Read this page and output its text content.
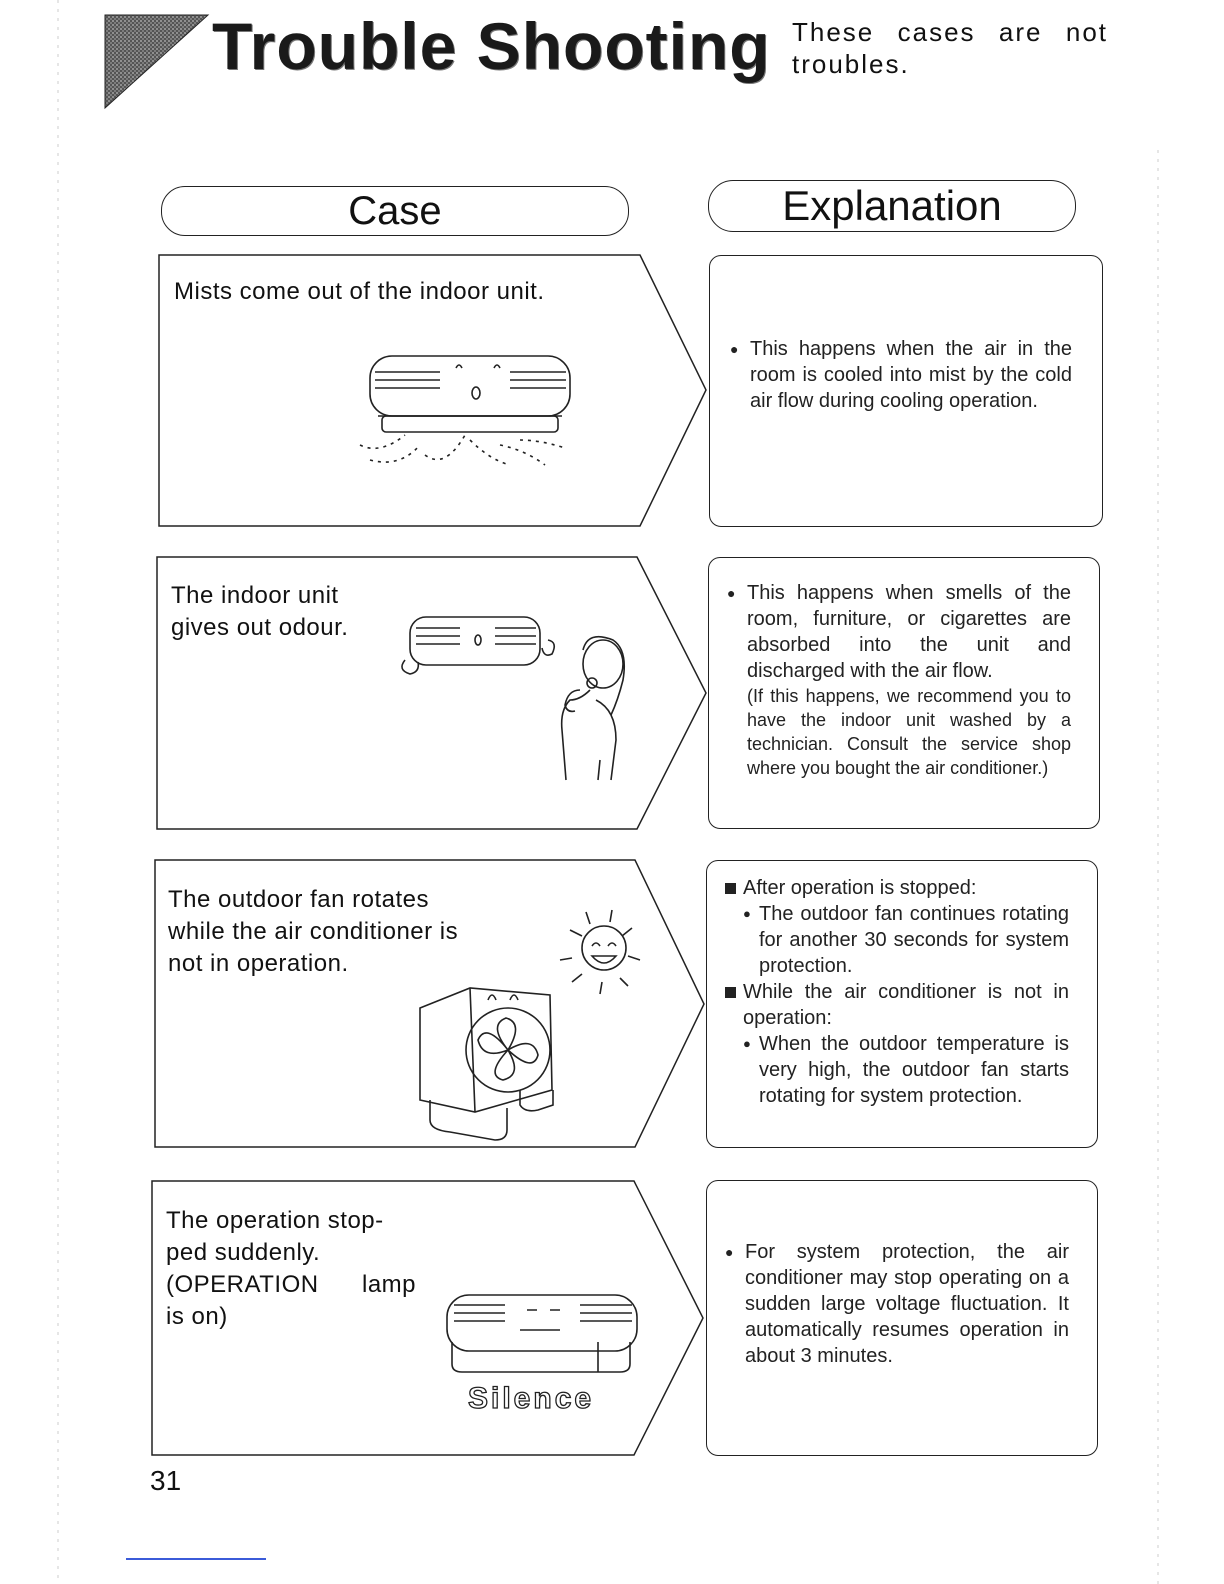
Silence
Trouble Shooting These cases are not troubles.
Case	Explanation
Mists come out of the indoor unit.
● This happens when the air in the room is cooled into mist by the cold air flow during cooling operation.
The indoor unit
gives out odour.
● This happens when smells of the room, furniture, or cigarettes are absorbed into the unit and discharged with the air flow.
(If this happens, we recommend you to have the indoor unit washed by a technician. Consult the service shop where you bought the air conditioner.)
The outdoor fan rotates
while the air conditioner is
not in operation.
After operation is stopped:
● The outdoor fan continues rotating for another 30 seconds for system protection.
While the air conditioner is not in operation:
● When the outdoor temperature is very high, the outdoor fan starts rotating for system protection.
The operation stop-
ped suddenly.
(OPERATION lamp
is on)
● For system protection, the air conditioner may stop operating on a sudden large voltage fluctuation. It automatically resumes operation in about 3 minutes.
31
